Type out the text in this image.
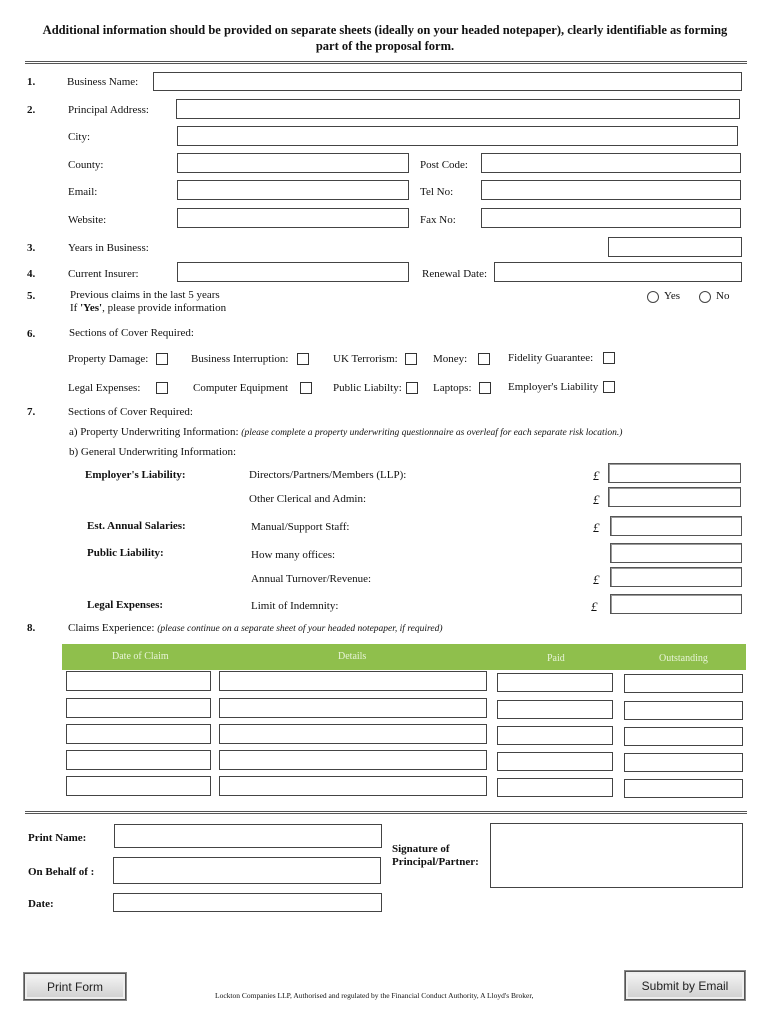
Additional information should be provided on separate sheets (ideally on your headed notepaper), clearly identifiable as forming
part of the proposal form.
1.	Business Name:
2.	Principal Address:
City:
County:	Post Code:
Email:	Tel No:
Website:	Fax No:
3.	Years in Business:
4.	Current Insurer:	Renewal Date:
5.	Previous claims in the last 5 years
If 'Yes', please provide information
Yes	No
6.	Sections of Cover Required:
Property Damage:	Business Interruption:	UK Terrorism:	Money:	Fidelity Guarantee:
Legal Expenses:	Computer Equipment	Public Liabilty:	Laptops:	Employer's Liability
7.	Sections of Cover Required:
a) Property Underwriting Information: (please complete a property underwriting questionnaire as overleaf for each separate risk location.)
b) General Underwriting Information:
Employer's Liability:	Directors/Partners/Members (LLP):	£
Other Clerical and Admin:	£
Est. Annual Salaries:	Manual/Support Staff:	£
Public Liability:	How many offices:
Annual Turnover/Revenue:	£
Legal Expenses:	Limit of Indemnity:	£
8.	Claims Experience: (please continue on a separate sheet of your headed notepaper, if required)
Date of Claim	Details	Paid	Outstanding
Print Name:
On Behalf of :
Date:
Signature of
Principal/Partner:
Print Form	Submit by Email
Lockton Companies LLP, Authorised and regulated by the Financial Conduct Authority, A Lloyd's Broker,
